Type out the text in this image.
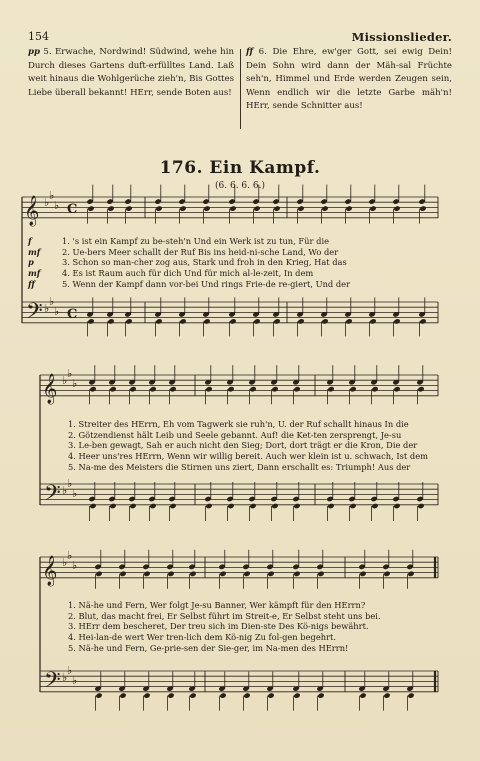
154	Missionslieder.
pp 5. Erwache, Nordwind! Südwind, wehe hin Durch dieses Gartens duft-erfülltes Land. Laß weit hinaus die Wohlgerüche zieh'n, Bis Gottes Liebe überall bekannt! HErr, sende Boten aus!
ff 6. Die Ehre, ew'ger Gott, sei ewig Dein! Dein Sohn wird dann der Mäh-sal Früchte seh'n, Himmel und Erde werden Zeugen sein, Wenn endlich wir die letzte Garbe mäh'n! HErr, sende Schnitter aus!
176. Ein Kampf.
(6. 6. 6. 6.)
𝄞
𝄢
♭
♭
♭
♭
♭
♭
C
C
𝄞
𝄢
♭
♭
♭
♭
♭
♭
𝄞
𝄢
♭
♭
♭
♭
♭
♭
f
mf
p
mf
ff
1. 's ist ein Kampf zu be-steh'n Und ein Werk ist zu tun, Für die
2. Ue-bers Meer schallt der Ruf Bis ins heid-ni-sche Land, Wo der
3. Schon so man-cher zog aus, Stark und froh in den Krieg, Hat das
4. Es ist Raum auch für dich Und für mich al-le-zeit, In dem
5. Wenn der Kampf dann vor-bei Und rings Frie-de re-giert, Und der
1. Streiter des HErrn, Eh vom Tagwerk sie ruh'n, U. der Ruf schallt hinaus In die
2. Götzendienst hält Leib und Seele gebannt. Auf! die Ket-ten zersprengt, Je-su
3. Le-ben gewagt, Sah er auch nicht den Sieg; Dort, dort trägt er die Kron, Die der
4. Heer uns'res HErrn, Wenn wir willig bereit. Auch wer klein ist u. schwach, Ist dem
5. Na-me des Meisters die Stirnen uns ziert, Dann erschallt es: Triumph! Aus der
1. Nä-he und Fern, Wer folgt Je-su Banner, Wer kämpft für den HErrn?
2. Blut, das macht frei, Er Selbst führt im Streit-e, Er Selbst steht uns bei.
3. HErr dem bescheret, Der treu sich im Dien-ste Des Kö-nigs bewährt.
4. Hei-lan-de wert Wer tren-lich dem Kö-nig Zu fol-gen begehrt.
5. Nä-he und Fern, Ge-prie-sen der Sie-ger, im Na-men des HErrn!
